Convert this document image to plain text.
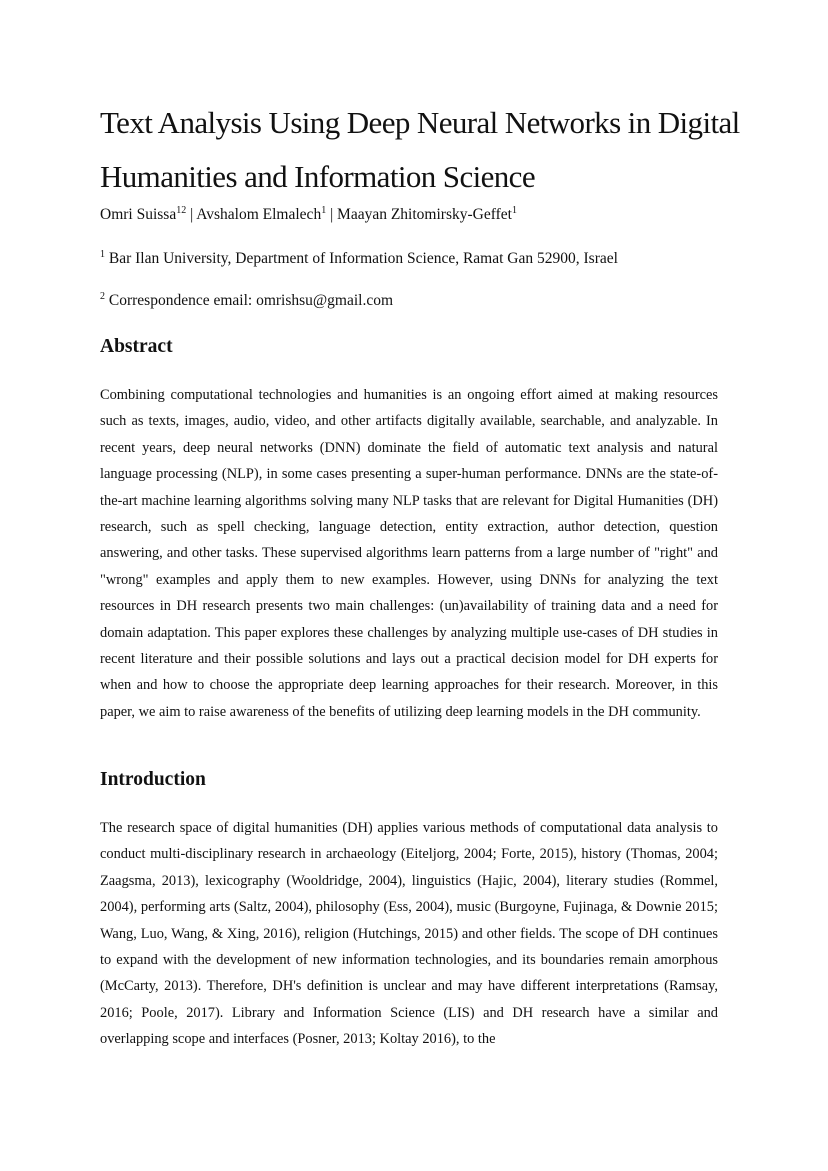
Text Analysis Using Deep Neural Networks in Digital Humanities and Information Science
Omri Suissa$^{12}$ | Avshalom Elmalech$^1$ | Maayan Zhitomirsky-Geffet$^1$
$^1$ Bar Ilan University, Department of Information Science, Ramat Gan 52900, Israel
$^2$ Correspondence email: omrishsu@gmail.com
Abstract

Combining computational technologies and humanities is an ongoing effort aimed at making resources such as texts, images, audio, video, and other artifacts digitally available, searchable, and analyzable. In recent years, deep neural networks (DNN) dominate the field of automatic text analysis and natural language processing (NLP), in some cases presenting a super-human performance. DNNs are the state-of-the-art machine learning algorithms solving many NLP tasks that are relevant for Digital Humanities (DH) research, such as spell checking, language detection, entity extraction, author detection, question answering, and other tasks. These supervised algorithms learn patterns from a large number of "right" and "wrong" examples and apply them to new examples. However, using DNNs for analyzing the text resources in DH research presents two main challenges: (un)availability of training data and a need for domain adaptation. This paper explores these challenges by analyzing multiple use-cases of DH studies in recent literature and their possible solutions and lays out a practical decision model for DH experts for when and how to choose the appropriate deep learning approaches for their research. Moreover, in this paper, we aim to raise awareness of the benefits of utilizing deep learning models in the DH community.

Introduction

The research space of digital humanities (DH) applies various methods of computational data analysis to conduct multi-disciplinary research in archaeology (Eiteljorg, 2004; Forte, 2015), history (Thomas, 2004; Zaagsma, 2013), lexicography (Wooldridge, 2004), linguistics (Hajic, 2004), literary studies (Rommel, 2004), performing arts (Saltz, 2004), philosophy (Ess, 2004), music (Burgoyne, Fujinaga, & Downie 2015; Wang, Luo, Wang, & Xing, 2016), religion (Hutchings, 2015) and other fields. The scope of DH continues to expand with the development of new information technologies, and its boundaries remain amorphous (McCarty, 2013). Therefore, DH's definition is unclear and may have different interpretations (Ramsay, 2016; Poole, 2017). Library and Information Science (LIS) and DH research have a similar and overlapping scope and interfaces (Posner, 2013; Koltay 2016), to the
